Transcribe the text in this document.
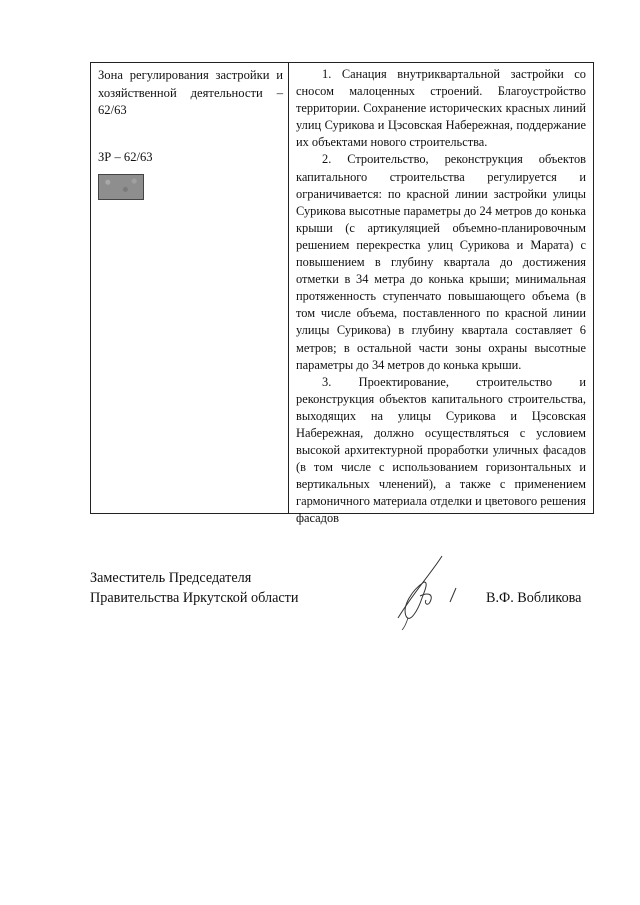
Зона регулирования застройки и хозяйственной деятельности – 62/63

ЗР – 62/63

1. Санация внутриквартальной застройки со сносом малоценных строений. Благоустройство территории. Сохранение исторических красных линий улиц Сурикова и Цэсовская Набережная, поддержание их объектами нового строительства.

2. Строительство, реконструкция объектов капитального строительства регулируется и ограничивается: по красной линии застройки улицы Сурикова высотные параметры до 24 метров до конька крыши (с артикуляцией объемно-планировочным решением перекрестка улиц Сурикова и Марата) с повышением в глубину квартала до достижения отметки в 34 метра до конька крыши; минимальная протяженность ступенчато повышающего объема (в том числе объема, поставленного по красной линии улицы Сурикова) в глубину квартала составляет 6 метров; в остальной части зоны охраны высотные параметры до 34 метров до конька крыши.

3. Проектирование, строительство и реконструкция объектов капитального строительства, выходящих на улицы Сурикова и Цэсовская Набережная, должно осуществляться с условием высокой архитектурной проработки уличных фасадов (в том числе с использованием горизонтальных и вертикальных членений), а также с применением гармоничного материала отделки и цветового решения фасадов

Заместитель Председателя
Правительства Иркутской области	В.Ф. Вобликова
